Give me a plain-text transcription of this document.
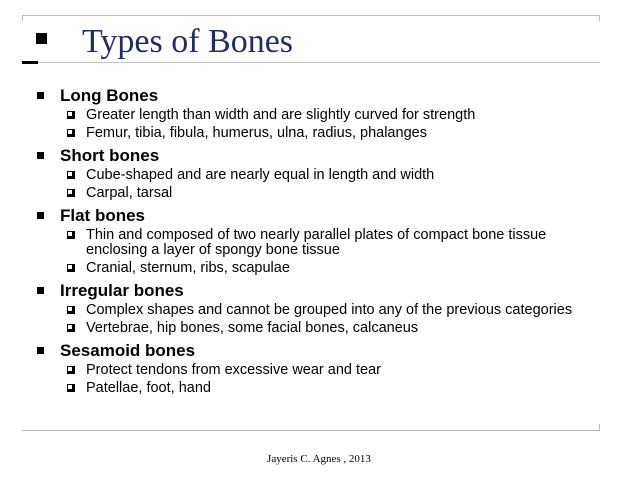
Types of Bones
Long Bones
Greater length than width and are slightly curved for strength
Femur, tibia, fibula, humerus, ulna, radius, phalanges
Short bones
Cube-shaped and are nearly equal in length and width
Carpal, tarsal
Flat bones
Thin and composed of two nearly parallel plates of compact bone tissue enclosing a layer of spongy bone tissue
Cranial, sternum, ribs, scapulae
Irregular bones
Complex shapes and cannot be grouped into any of the previous categories
Vertebrae, hip bones, some facial bones, calcaneus
Sesamoid bones
Protect tendons from excessive wear and tear
Patellae, foot, hand
Jayeris C. Agnes , 2013
